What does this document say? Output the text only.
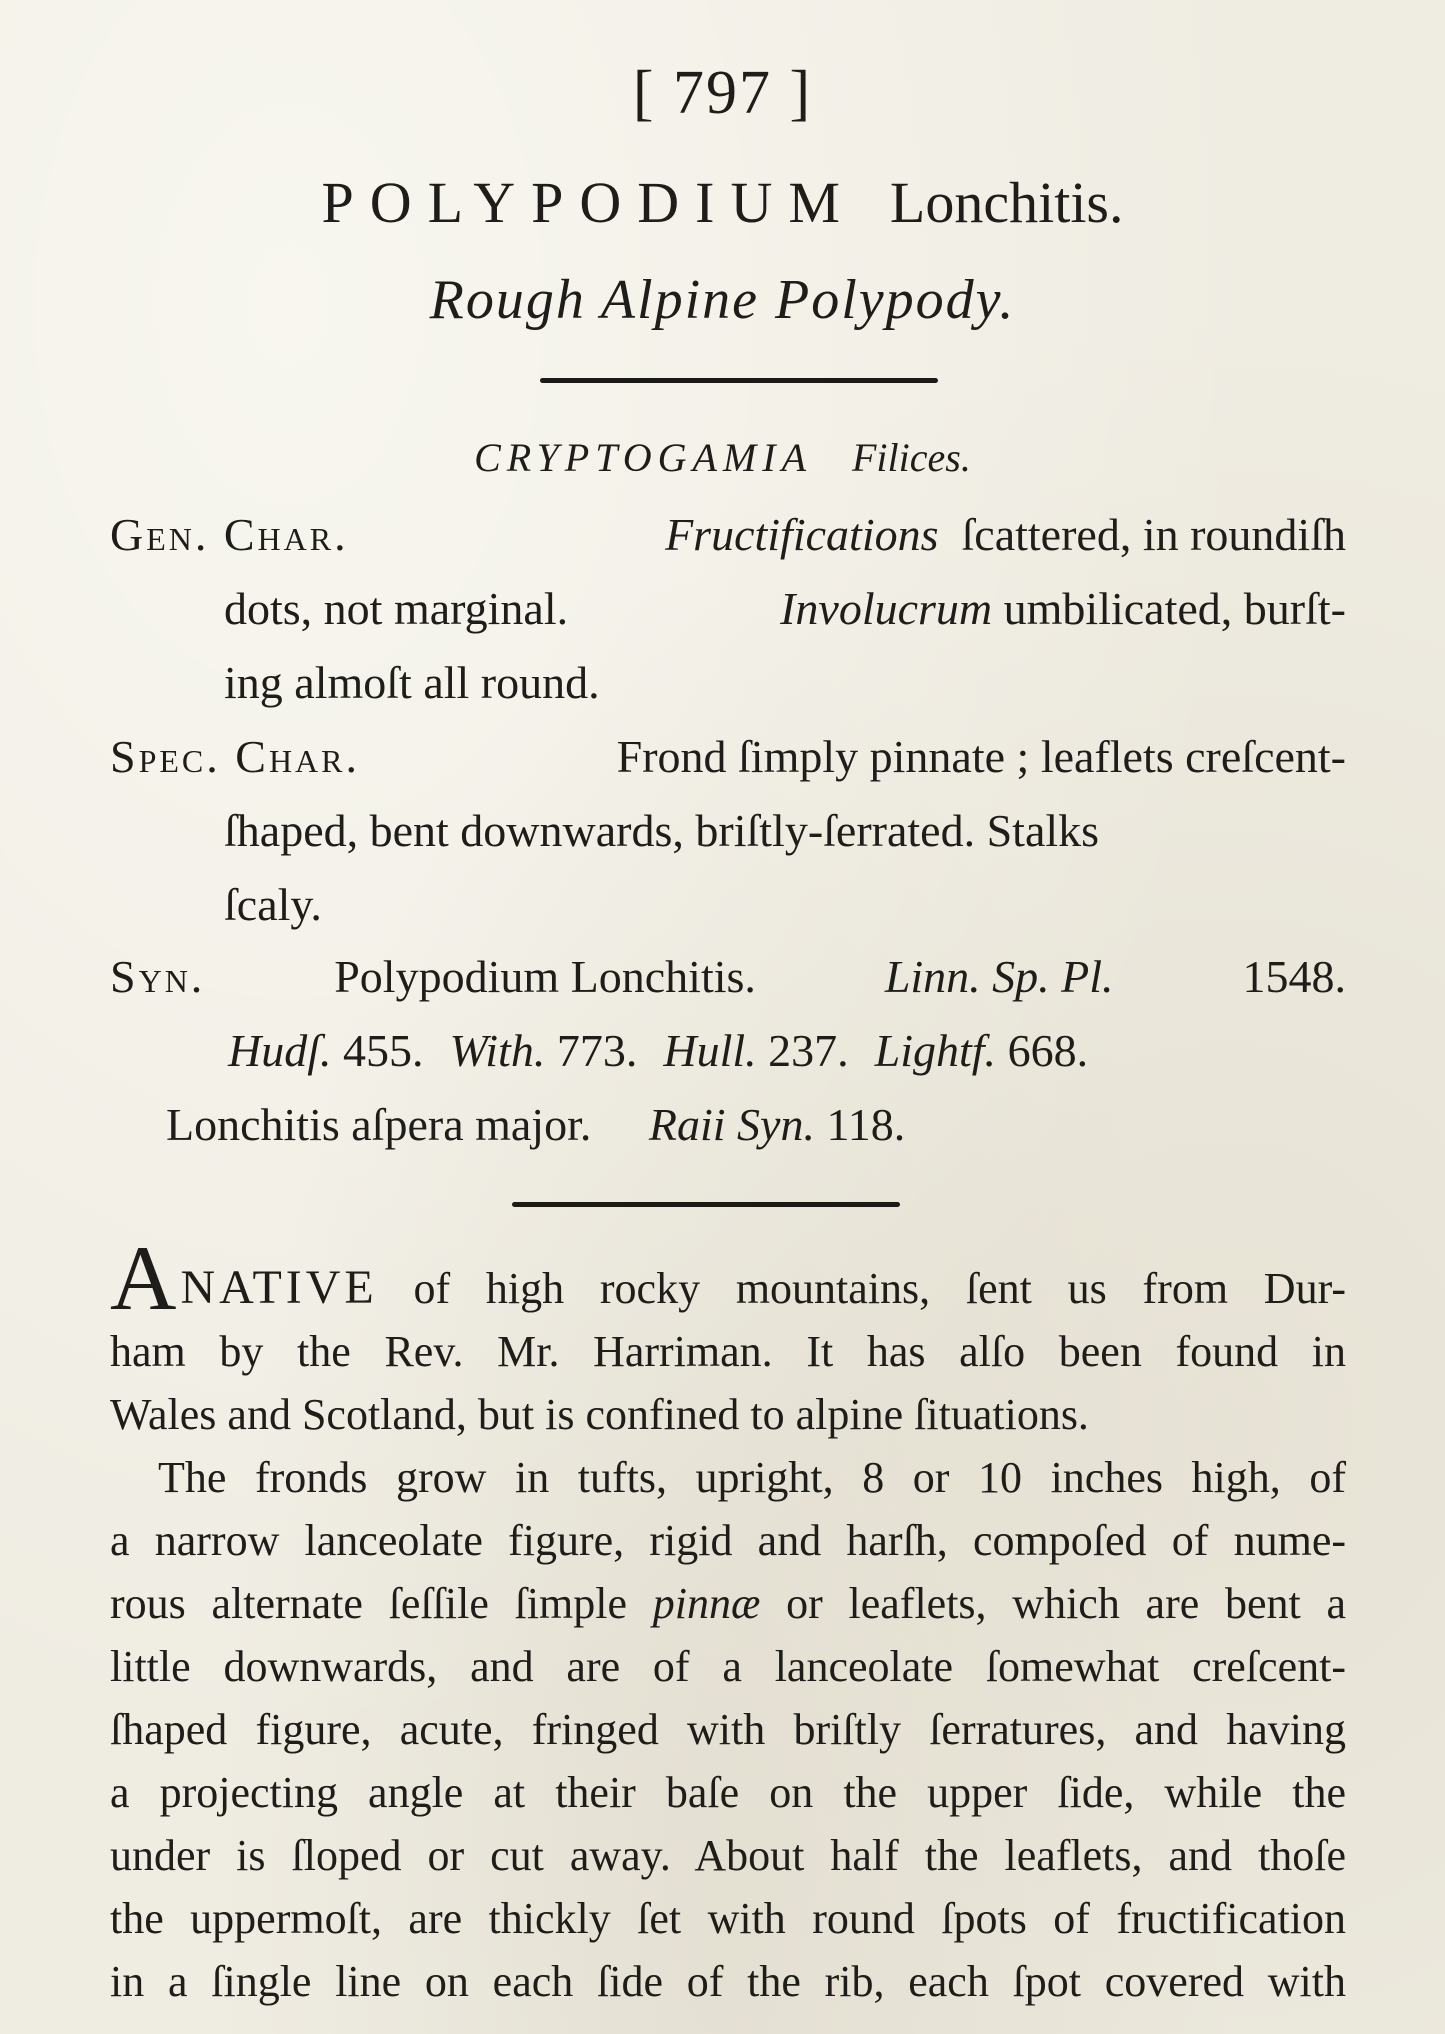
[ 797 ]
POLYPODIUM Lonchitis.
Rough Alpine Polypody.
CRYPTOGAMIA Filices.
Gen. Char.	Fructifications ſcattered, in roundiſh
dots, not marginal.	Involucrum umbilicated, burſt-
ing almoſt all round.
Spec. Char.	Frond ſimply pinnate ; leaflets creſcent-
ſhaped, bent downwards, briſtly-ſerrated. Stalks
ſcaly.
Syn.	Polypodium Lonchitis.	Linn. Sp. Pl.	1548.
Hudſ. 455. With. 773. Hull. 237. Lightf. 668.
Lonchitis aſpera major. Raii Syn. 118.
ANATIVE of high rocky mountains, ſent us from Dur-
ham by the Rev. Mr. Harriman. It has alſo been found in
Wales and Scotland, but is confined to alpine ſituations.
The fronds grow in tufts, upright, 8 or 10 inches high, of
a narrow lanceolate figure, rigid and harſh, compoſed of nume-
rous alternate ſeſſile ſimple pinnæ or leaflets, which are bent a
little downwards, and are of a lanceolate ſomewhat creſcent-
ſhaped figure, acute, fringed with briſtly ſerratures, and having
a projecting angle at their baſe on the upper ſide, while the
under is ſloped or cut away. About half the leaflets, and thoſe
the uppermoſt, are thickly ſet with round ſpots of fructification
in a ſingle line on each ſide of the rib, each ſpot covered with
